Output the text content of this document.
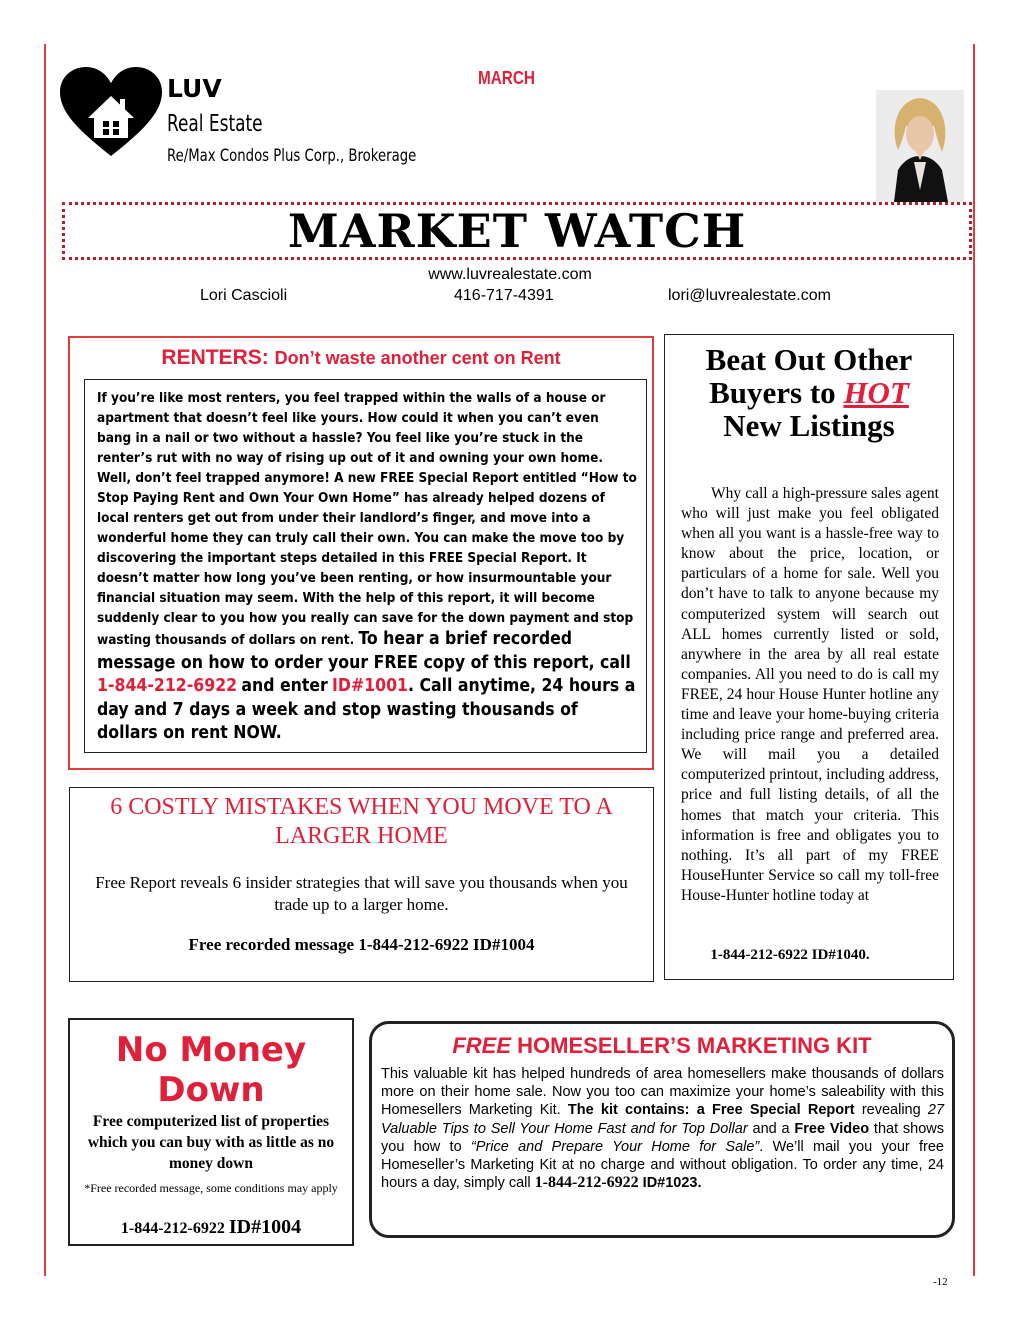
LUV
Real Estate
Re/Max Condos Plus Corp., Brokerage
MARCH
MARKET WATCH
www.luvrealestate.com
Lori Cascioli	416-717-4391	lori@luvrealestate.com
RENTERS: Don’t waste another cent on Rent
If you’re like most renters, you feel trapped within the walls of a house or apartment that doesn’t feel like yours. How could it when you can’t even bang in a nail or two without a hassle? You feel like you’re stuck in the renter’s rut with no way of rising up out of it and owning your own home. Well, don’t feel trapped anymore! A new FREE Special Report entitled “How to Stop Paying Rent and Own Your Own Home” has already helped dozens of local renters get out from under their landlord’s finger, and move into a wonderful home they can truly call their own. You can make the move too by discovering the important steps detailed in this FREE Special Report. It doesn’t matter how long you’ve been renting, or how insurmountable your financial situation may seem. With the help of this report, it will become suddenly clear to you how you really can save for the down payment and stop wasting thousands of dollars on rent. To hear a brief recorded message on how to order your FREE copy of this report, call 1-844-212-6922 and enter ID#1001. Call anytime, 24 hours a day and 7 days a week and stop wasting thousands of dollars on rent NOW.
6 COSTLY MISTAKES WHEN YOU MOVE TO A LARGER HOME
Free Report reveals 6 insider strategies that will save you thousands when you trade up to a larger home.
Free recorded message 1-844-212-6922 ID#1004
Beat Out Other
Buyers to HOT
New Listings
Why call a high-pressure sales agent who will just make you feel obligated when all you want is a hassle-free way to know about the price, location, or particulars of a home for sale. Well you don’t have to talk to anyone because my computerized system will search out ALL homes currently listed or sold, anywhere in the area by all real estate companies. All you need to do is call my FREE, 24 hour House Hunter hotline any time and leave your home-buying criteria including price range and preferred area. We will mail you a detailed computerized printout, including address, price and full listing details, of all the homes that match your criteria. This information is free and obligates you to nothing. It’s all part of my FREE HouseHunter Service so call my toll-free House-Hunter hotline today at
1-844-212-6922 ID#1040.
No Money
Down
Free computerized list of properties which you can buy with as little as no money down
*Free recorded message, some conditions may apply
1-844-212-6922 ID#1004
FREE HOMESELLER’S MARKETING KIT
This valuable kit has helped hundreds of area homesellers make thousands of dollars more on their home sale. Now you too can maximize your home’s saleability with this Homesellers Marketing Kit. The kit contains: a Free Special Report revealing 27 Valuable Tips to Sell Your Home Fast and for Top Dollar and a Free Video that shows you how to “Price and Prepare Your Home for Sale”. We’ll mail you your free Homeseller’s Marketing Kit at no charge and without obligation. To order any time, 24 hours a day, simply call 1-844-212-6922 ID#1023.
-12
